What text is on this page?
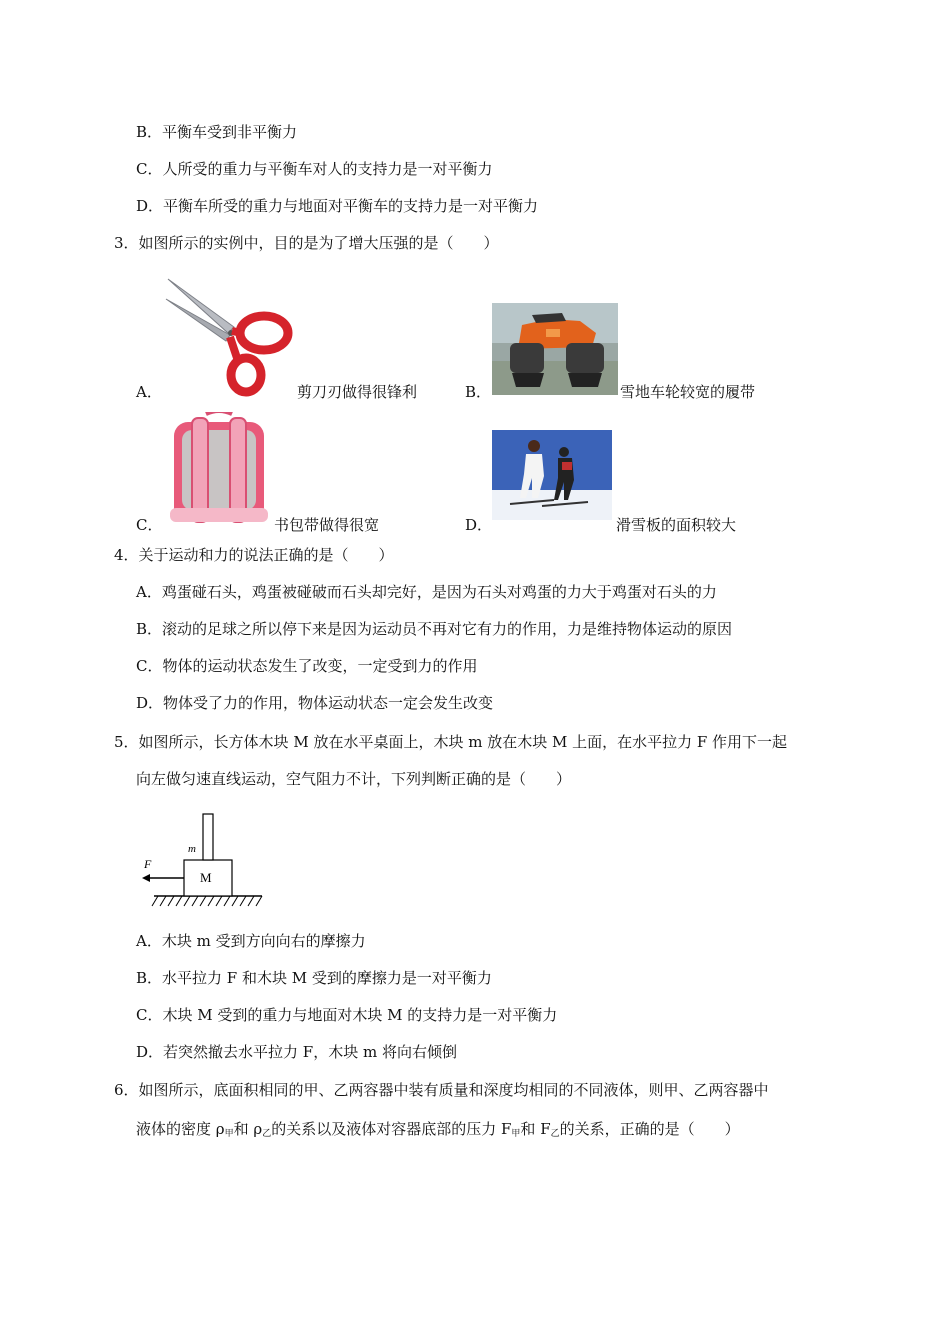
B．平衡车受到非平衡力
C．人所受的重力与平衡车对人的支持力是一对平衡力
D．平衡车所受的重力与地面对平衡车的支持力是一对平衡力
3．如图所示的实例中，目的是为了增大压强的是（　　）
A．	剪刀刃做得很锋利	B．	雪地车轮较宽的履带
C．	书包带做得很宽	D．	滑雪板的面积较大
4．关于运动和力的说法正确的是（　　）
A．鸡蛋碰石头，鸡蛋被碰破而石头却完好，是因为石头对鸡蛋的力大于鸡蛋对石头的力
B．滚动的足球之所以停下来是因为运动员不再对它有力的作用，力是维持物体运动的原因
C．物体的运动状态发生了改变，一定受到力的作用
D．物体受了力的作用，物体运动状态一定会发生改变
5．如图所示，长方体木块 M 放在水平桌面上，木块 m 放在木块 M 上面，在水平拉力 F 作用下一起
向左做匀速直线运动，空气阻力不计，下列判断正确的是（　　）
F
m
M
A．木块 m 受到方向向右的摩擦力
B．水平拉力 F 和木块 M 受到的摩擦力是一对平衡力
C．木块 M 受到的重力与地面对木块 M 的支持力是一对平衡力
D．若突然撤去水平拉力 F，木块 m 将向右倾倒
6．如图所示，底面积相同的甲、乙两容器中装有质量和深度均相同的不同液体，则甲、乙两容器中
液体的密度 $\rho_甲$和 $\rho_乙$的关系以及液体对容器底部的压力 $F_甲$和 $F_乙$的关系，正确的是（　　）
